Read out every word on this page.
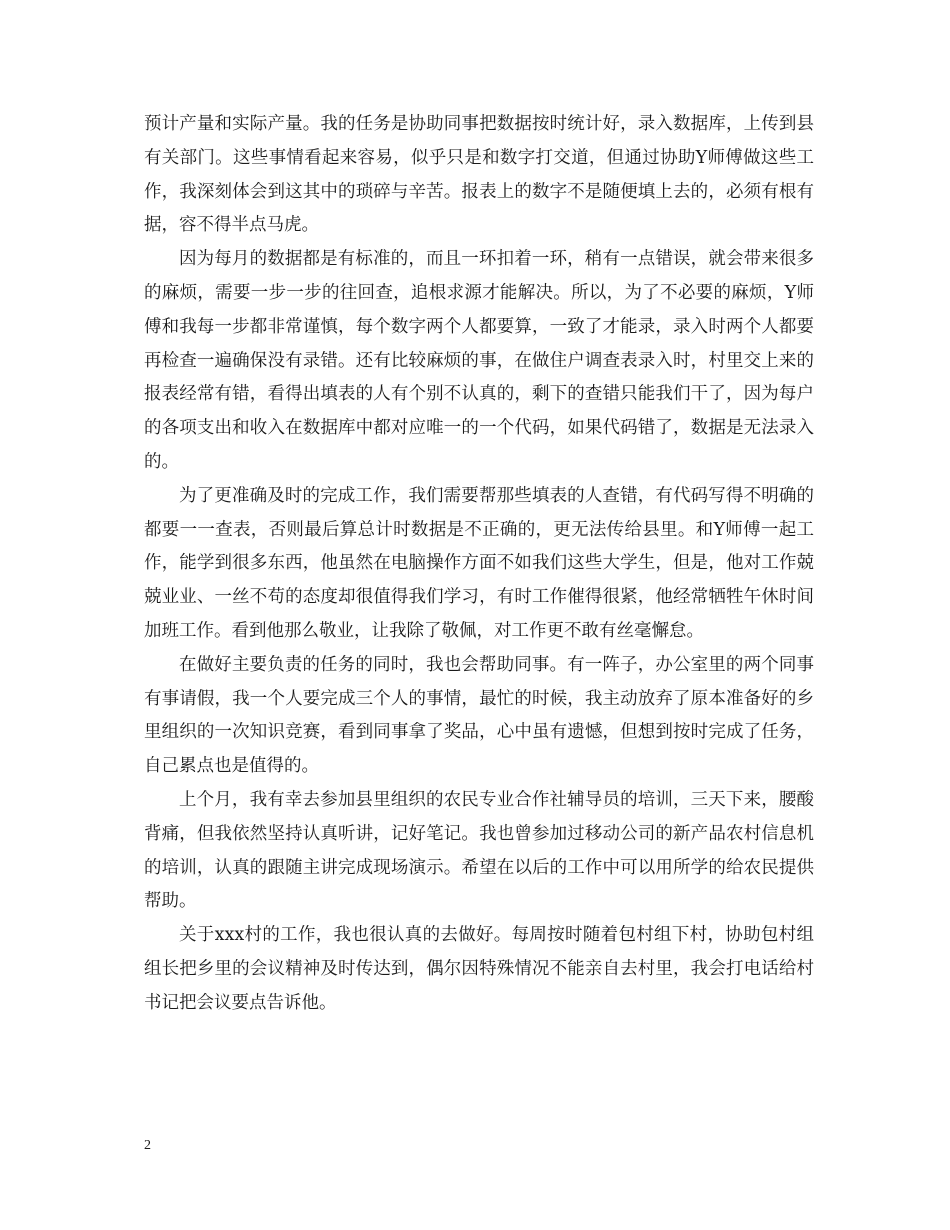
预计产量和实际产量。我的任务是协助同事把数据按时统计好，录入数据库，上传到县有关部门。这些事情看起来容易，似乎只是和数字打交道，但通过协助Y师傅做这些工作，我深刻体会到这其中的琐碎与辛苦。报表上的数字不是随便填上去的，必须有根有据，容不得半点马虎。

因为每月的数据都是有标准的，而且一环扣着一环，稍有一点错误，就会带来很多的麻烦，需要一步一步的往回查，追根求源才能解决。所以，为了不必要的麻烦，Y师傅和我每一步都非常谨慎，每个数字两个人都要算，一致了才能录，录入时两个人都要再检查一遍确保没有录错。还有比较麻烦的事，在做住户调查表录入时，村里交上来的报表经常有错，看得出填表的人有个别不认真的，剩下的查错只能我们干了，因为每户的各项支出和收入在数据库中都对应唯一的一个代码，如果代码错了，数据是无法录入的。

为了更准确及时的完成工作，我们需要帮那些填表的人查错，有代码写得不明确的都要一一查表，否则最后算总计时数据是不正确的，更无法传给县里。和Y师傅一起工作，能学到很多东西，他虽然在电脑操作方面不如我们这些大学生，但是，他对工作兢兢业业、一丝不苟的态度却很值得我们学习，有时工作催得很紧，他经常牺牲午休时间加班工作。看到他那么敬业，让我除了敬佩，对工作更不敢有丝毫懈怠。

在做好主要负责的任务的同时，我也会帮助同事。有一阵子，办公室里的两个同事有事请假，我一个人要完成三个人的事情，最忙的时候，我主动放弃了原本准备好的乡里组织的一次知识竞赛，看到同事拿了奖品，心中虽有遗憾，但想到按时完成了任务，自己累点也是值得的。

上个月，我有幸去参加县里组织的农民专业合作社辅导员的培训，三天下来，腰酸背痛，但我依然坚持认真听讲，记好笔记。我也曾参加过移动公司的新产品农村信息机的培训，认真的跟随主讲完成现场演示。希望在以后的工作中可以用所学的给农民提供帮助。

关于xxx村的工作，我也很认真的去做好。每周按时随着包村组下村，协助包村组组长把乡里的会议精神及时传达到，偶尔因特殊情况不能亲自去村里，我会打电话给村书记把会议要点告诉他。

2
